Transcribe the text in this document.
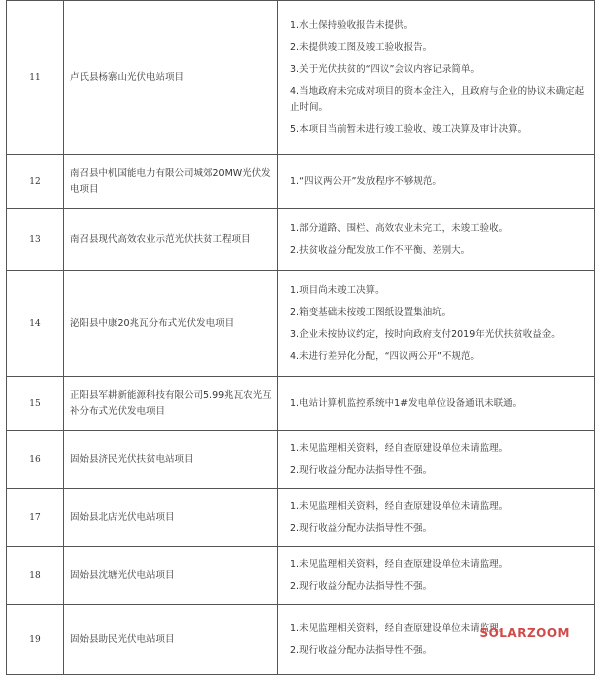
11	卢氏县杨寨山光伏电站项目	1.水土保持验收报告未提供。
2.未提供竣工图及竣工验收报告。
3.关于光伏扶贫的“四议”会议内容记录简单。
4.当地政府未完成对项目的资本金注入，且政府与企业的协议未确定起止时间。
5.本项目当前暂未进行竣工验收、竣工决算及审计决算。

12	南召县中机国能电力有限公司城郊20MW光伏发电项目	1.“四议两公开”发放程序不够规范。

13	南召县现代高效农业示范光伏扶贫工程项目	1.部分道路、围栏、高效农业未完工，未竣工验收。
2.扶贫收益分配发放工作不平衡、差别大。

14	泌阳县中康20兆瓦分布式光伏发电项目	1.项目尚未竣工决算。
2.箱变基础未按竣工图纸设置集油坑。
3.企业未按协议约定，按时向政府支付2019年光伏扶贫收益金。
4.未进行差异化分配，“四议两公开”不规范。

15	正阳县军耕新能源科技有限公司5.99兆瓦农光互补分布式光伏发电项目	1.电站计算机监控系统中1#发电单位设备通讯未联通。

16	固始县济民光伏扶贫电站项目	1.未见监理相关资料，经自查原建设单位未请监理。
2.现行收益分配办法指导性不强。

17	固始县北店光伏电站项目	1.未见监理相关资料，经自查原建设单位未请监理。
2.现行收益分配办法指导性不强。

18	固始县沈塘光伏电站项目	1.未见监理相关资料，经自查原建设单位未请监理。
2.现行收益分配办法指导性不强。

19	固始县助民光伏电站项目	1.未见监理相关资料，经自查原建设单位未请监理。
2.现行收益分配办法指导性不强。
SOLARZOOM
